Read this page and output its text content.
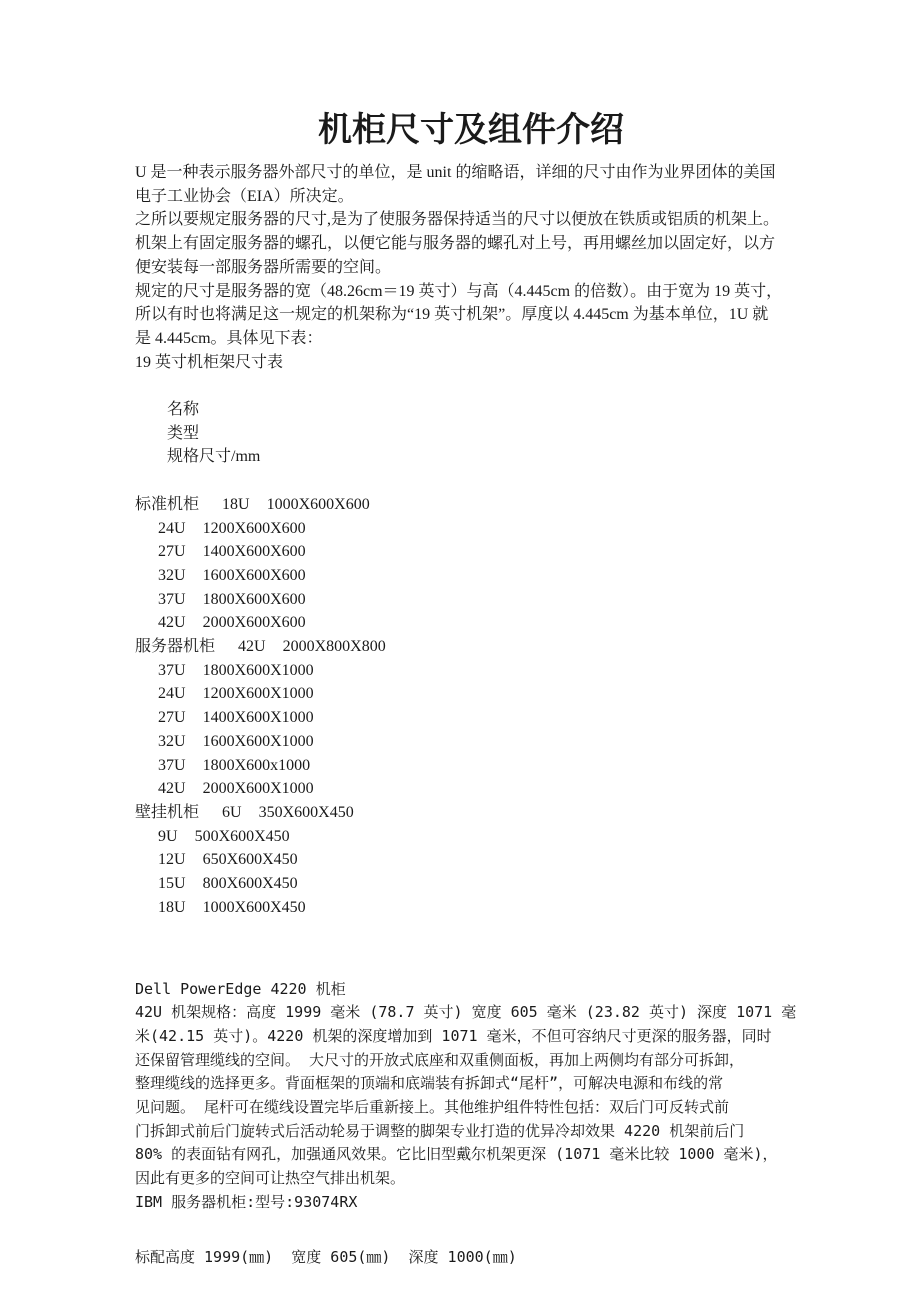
机柜尺寸及组件介绍
U 是一种表示服务器外部尺寸的单位，是 unit 的缩略语，详细的尺寸由作为业界团体的美国
电子工业协会（EIA）所决定。
之所以要规定服务器的尺寸,是为了使服务器保持适当的尺寸以便放在铁质或铝质的机架上。
机架上有固定服务器的螺孔，以便它能与服务器的螺孔对上号，再用螺丝加以固定好，以方
便安装每一部服务器所需要的空间。
规定的尺寸是服务器的宽（48.26cm＝19 英寸）与高（4.445cm 的倍数）。由于宽为 19 英寸，
所以有时也将满足这一规定的机架称为“19 英寸机架”。厚度以 4.445cm 为基本单位，1U 就
是 4.445cm。具体见下表：
19 英寸机柜架尺寸表

名称
类型
规格尺寸/mm

标准机柜 18U 1000X600X600
24U 1200X600X600
27U 1400X600X600
32U 1600X600X600
37U 1800X600X600
42U 2000X600X600
服务器机柜 42U 2000X800X800
37U 1800X600X1000
24U 1200X600X1000
27U 1400X600X1000
32U 1600X600X1000
37U 1800X600x1000
42U 2000X600X1000
壁挂机柜 6U 350X600X450
9U 500X600X450
12U 650X600X450
15U 800X600X450
18U 1000X600X450
Dell PowerEdge 4220 机柜
42U 机架规格：高度 1999 毫米 (78.7 英寸) 宽度 605 毫米 (23.82 英寸) 深度 1071 毫
米(42.15 英寸)。4220 机架的深度增加到 1071 毫米，不但可容纳尺寸更深的服务器，同时
还保留管理缆线的空间。 大尺寸的开放式底座和双重侧面板，再加上两侧均有部分可拆卸，
整理缆线的选择更多。背面框架的顶端和底端装有拆卸式“尾杆”，可解决电源和布线的常
见问题。 尾杆可在缆线设置完毕后重新接上。其他维护组件特性包括：双后门可反转式前
门拆卸式前后门旋转式后活动轮易于调整的脚架专业打造的优异冷却效果 4220 机架前后门
80% 的表面钻有网孔，加强通风效果。它比旧型戴尔机架更深 (1071 毫米比较 1000 毫米)，
因此有更多的空间可让热空气排出机架。
IBM 服务器机柜:型号:93074RX
标配高度 1999(㎜)  宽度 605(㎜)  深度 1000(㎜)
